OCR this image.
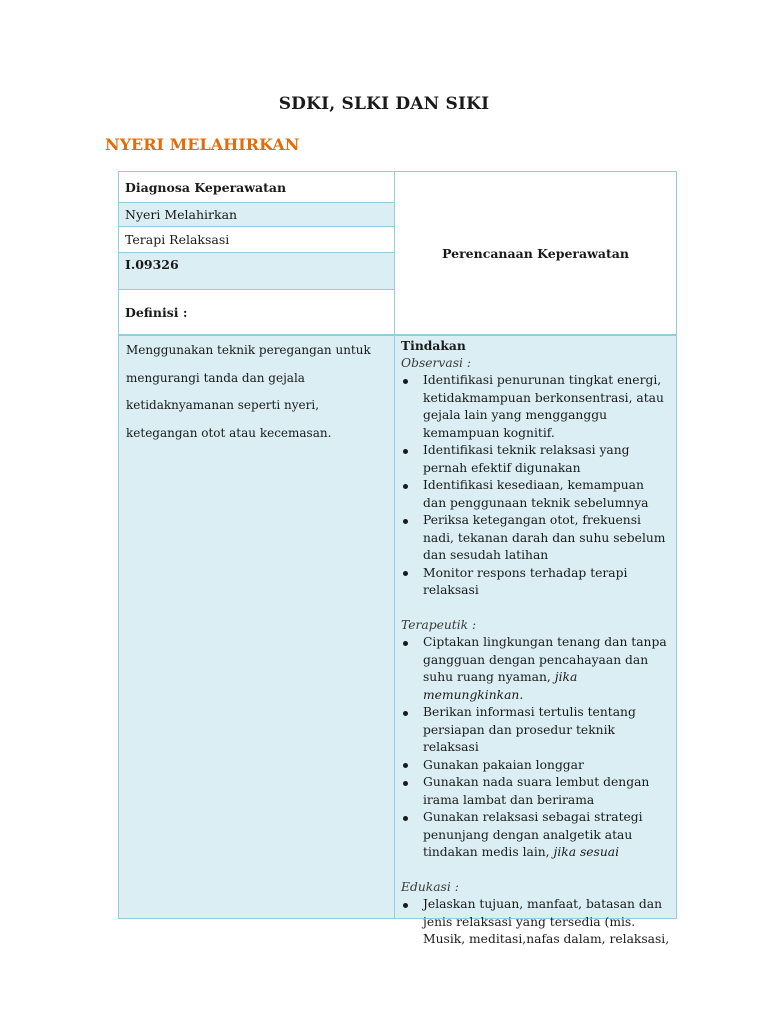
SDKI, SLKI DAN SIKI
NYERI MELAHIRKAN
Diagnosa Keperawatan
Nyeri Melahirkan
Terapi Relaksasi
I.09326
Definisi :
Perencanaan Keperawatan
Menggunakan teknik peregangan untuk mengurangi tanda dan gejala ketidaknyamanan seperti nyeri, ketegangan otot atau kecemasan.
Tindakan
Observasi :
Identifikasi penurunan tingkat energi, ketidakmampuan berkonsentrasi, atau gejala lain yang mengganggu kemampuan kognitif.
Identifikasi teknik relaksasi yang pernah efektif digunakan
Identifikasi kesediaan, kemampuan dan penggunaan teknik sebelumnya
Periksa ketegangan otot, frekuensi nadi, tekanan darah dan suhu sebelum dan sesudah latihan
Monitor respons terhadap terapi relaksasi
Terapeutik :
Ciptakan lingkungan tenang dan tanpa gangguan dengan pencahayaan dan suhu ruang nyaman, jika memungkinkan.
Berikan informasi tertulis tentang persiapan dan prosedur teknik relaksasi
Gunakan pakaian longgar
Gunakan nada suara lembut dengan irama lambat dan berirama
Gunakan relaksasi sebagai strategi penunjang dengan analgetik atau tindakan medis lain, jika sesuai
Edukasi :
Jelaskan tujuan, manfaat, batasan dan jenis relaksasi yang tersedia (mis. Musik, meditasi,nafas dalam, relaksasi,
